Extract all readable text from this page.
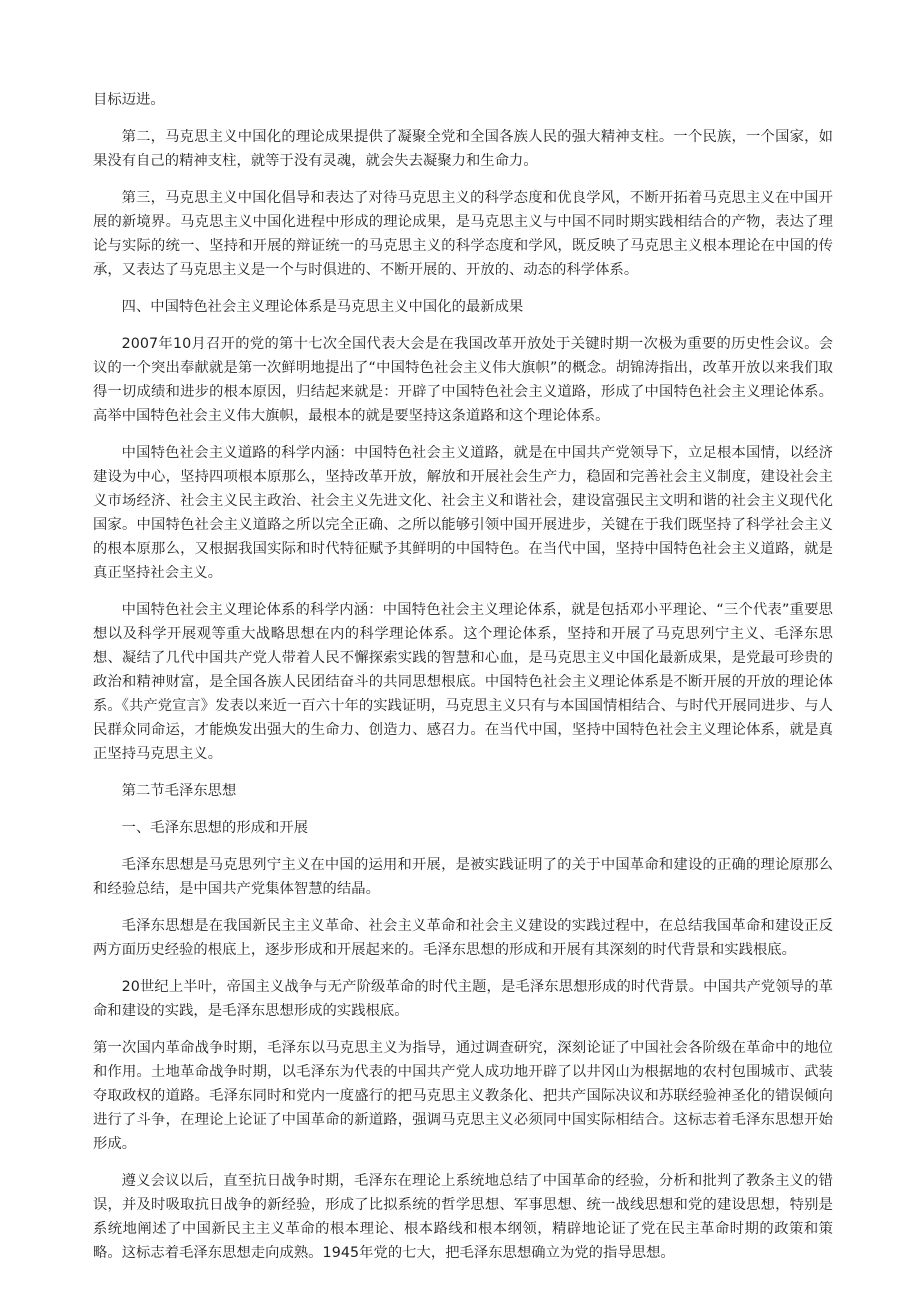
目标迈进。

第二，马克思主义中国化的理论成果提供了凝聚全党和全国各族人民的强大精神支柱。一个民族，一个国家，如果没有自己的精神支柱，就等于没有灵魂，就会失去凝聚力和生命力。

第三，马克思主义中国化倡导和表达了对待马克思主义的科学态度和优良学风，不断开拓着马克思主义在中国开展的新境界。马克思主义中国化进程中形成的理论成果，是马克思主义与中国不同时期实践相结合的产物，表达了理论与实际的统一、坚持和开展的辩证统一的马克思主义的科学态度和学风，既反映了马克思主义根本理论在中国的传承，又表达了马克思主义是一个与时俱进的、不断开展的、开放的、动态的科学体系。

四、中国特色社会主义理论体系是马克思主义中国化的最新成果

2007年10月召开的党的第十七次全国代表大会是在我国改革开放处于关键时期一次极为重要的历史性会议。会议的一个突出奉献就是第一次鲜明地提出了“中国特色社会主义伟大旗帜”的概念。胡锦涛指出，改革开放以来我们取得一切成绩和进步的根本原因，归结起来就是：开辟了中国特色社会主义道路，形成了中国特色社会主义理论体系。高举中国特色社会主义伟大旗帜，最根本的就是要坚持这条道路和这个理论体系。

中国特色社会主义道路的科学内涵：中国特色社会主义道路，就是在中国共产党领导下，立足根本国情，以经济建设为中心，坚持四项根本原那么，坚持改革开放，解放和开展社会生产力，稳固和完善社会主义制度，建设社会主义市场经济、社会主义民主政治、社会主义先进文化、社会主义和谐社会，建设富强民主文明和谐的社会主义现代化国家。中国特色社会主义道路之所以完全正确、之所以能够引领中国开展进步，关键在于我们既坚持了科学社会主义的根本原那么，又根据我国实际和时代特征赋予其鲜明的中国特色。在当代中国，坚持中国特色社会主义道路，就是真正坚持社会主义。

中国特色社会主义理论体系的科学内涵：中国特色社会主义理论体系，就是包括邓小平理论、“三个代表”重要思想以及科学开展观等重大战略思想在内的科学理论体系。这个理论体系，坚持和开展了马克思列宁主义、毛泽东思想、凝结了几代中国共产党人带着人民不懈探索实践的智慧和心血，是马克思主义中国化最新成果，是党最可珍贵的政治和精神财富，是全国各族人民团结奋斗的共同思想根底。中国特色社会主义理论体系是不断开展的开放的理论体系。《共产党宣言》发表以来近一百六十年的实践证明，马克思主义只有与本国国情相结合、与时代开展同进步、与人民群众同命运，才能焕发出强大的生命力、创造力、感召力。在当代中国，坚持中国特色社会主义理论体系，就是真正坚持马克思主义。

第二节毛泽东思想

一、毛泽东思想的形成和开展

毛泽东思想是马克思列宁主义在中国的运用和开展，是被实践证明了的关于中国革命和建设的正确的理论原那么和经验总结，是中国共产党集体智慧的结晶。

毛泽东思想是在我国新民主主义革命、社会主义革命和社会主义建设的实践过程中，在总结我国革命和建设正反两方面历史经验的根底上，逐步形成和开展起来的。毛泽东思想的形成和开展有其深刻的时代背景和实践根底。

20世纪上半叶，帝国主义战争与无产阶级革命的时代主题，是毛泽东思想形成的时代背景。中国共产党领导的革命和建设的实践，是毛泽东思想形成的实践根底。

第一次国内革命战争时期，毛泽东以马克思主义为指导，通过调查研究，深刻论证了中国社会各阶级在革命中的地位和作用。土地革命战争时期，以毛泽东为代表的中国共产党人成功地开辟了以井冈山为根据地的农村包围城市、武装夺取政权的道路。毛泽东同时和党内一度盛行的把马克思主义教条化、把共产国际决议和苏联经验神圣化的错误倾向进行了斗争，在理论上论证了中国革命的新道路，强调马克思主义必须同中国实际相结合。这标志着毛泽东思想开始形成。

遵义会议以后，直至抗日战争时期，毛泽东在理论上系统地总结了中国革命的经验，分析和批判了教条主义的错误，并及时吸取抗日战争的新经验，形成了比拟系统的哲学思想、军事思想、统一战线思想和党的建设思想，特别是系统地阐述了中国新民主主义革命的根本理论、根本路线和根本纲领，精辟地论证了党在民主革命时期的政策和策略。这标志着毛泽东思想走向成熟。1945年党的七大，把毛泽东思想确立为党的指导思想。
